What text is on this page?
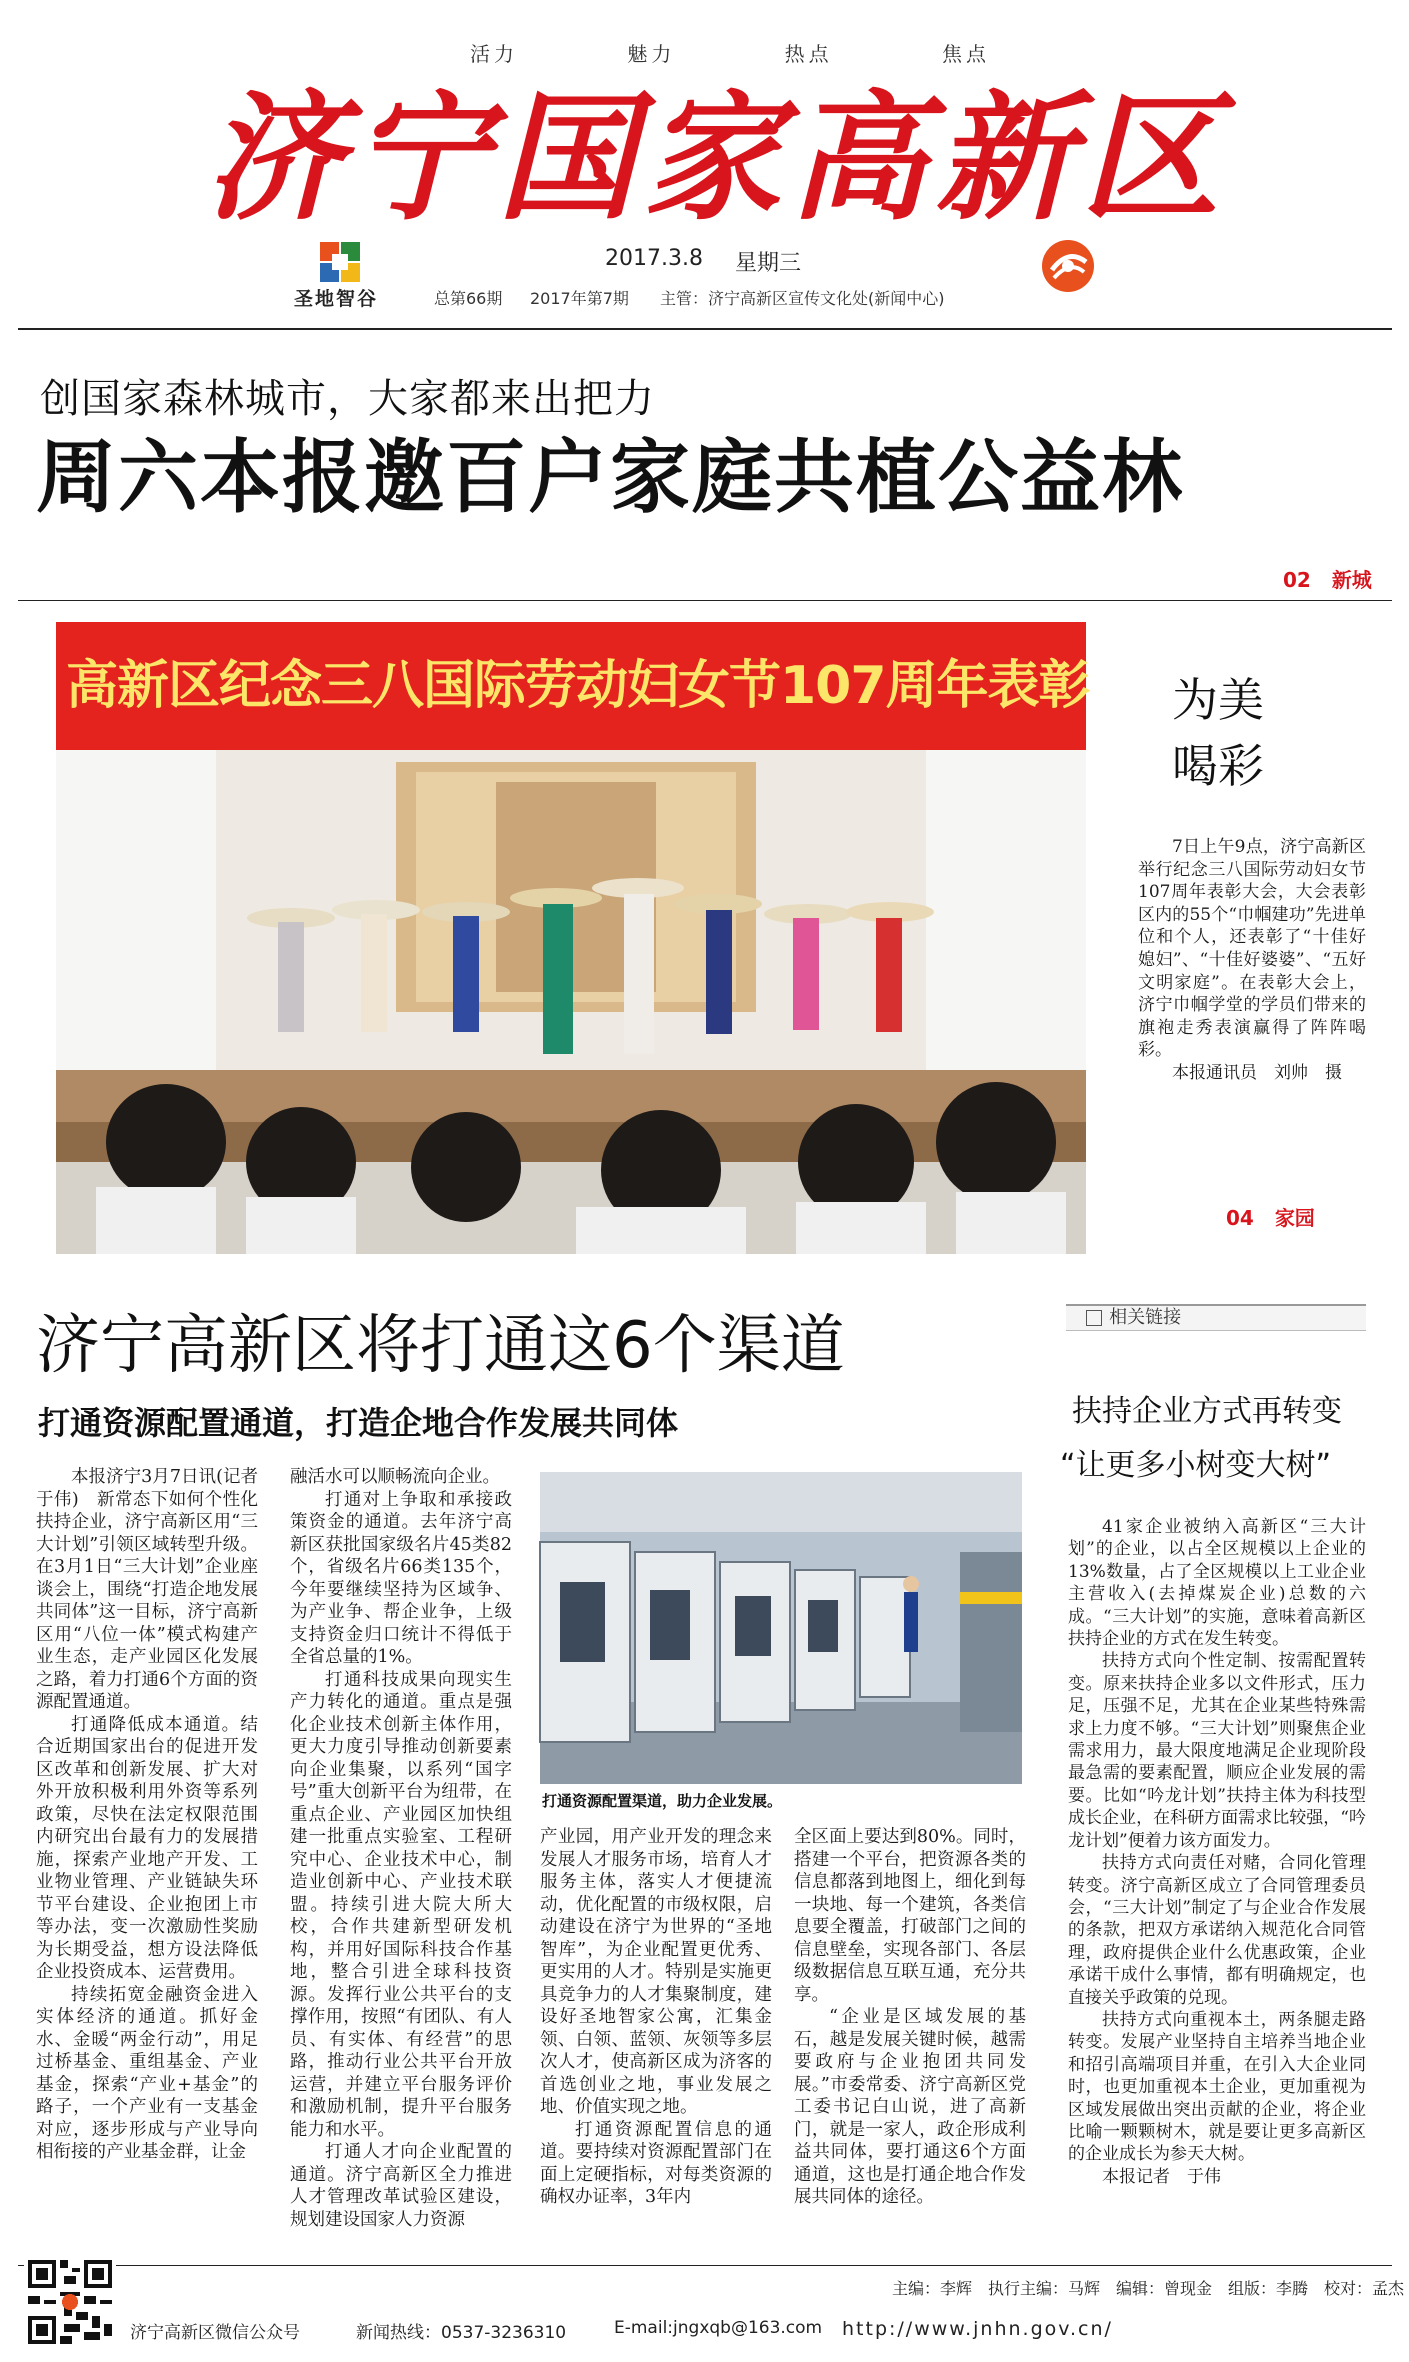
活力	魅力	热点	焦点
济宁国家高新区
圣地智谷
2017.3.8 星期三
总第66期 2017年第7期 主管：济宁高新区宣传文化处(新闻中心)
创国家森林城市，大家都来出把力
周六本报邀百户家庭共植公益林
02 新城
高新区纪念三八国际劳动妇女节107周年表彰 为美
喝彩

7日上午9点，济宁高新区举行纪念三八国际劳动妇女节107周年表彰大会，大会表彰区内的55个“巾帼建功”先进单位和个人，还表彰了“十佳好媳妇”、“十佳好婆婆”、“五好文明家庭”。在表彰大会上，济宁巾帼学堂的学员们带来的旗袍走秀表演赢得了阵阵喝彩。

本报通讯员　刘帅　摄

04 家园
济宁高新区将打通这6个渠道
打通资源配置通道，打造企地合作发展共同体

本报济宁3月7日讯(记者　于伟)　新常态下如何个性化扶持企业，济宁高新区用“三大计划”引领区域转型升级。在3月1日“三大计划”企业座谈会上，围绕“打造企地发展共同体”这一目标，济宁高新区用“八位一体”模式构建产业生态，走产业园区化发展之路，着力打通6个方面的资源配置通道。

打通降低成本通道。结合近期国家出台的促进开发区改革和创新发展、扩大对外开放积极利用外资等系列政策，尽快在法定权限范围内研究出台最有力的发展措施，探索产业地产开发、工业物业管理、产业链缺失环节平台建设、企业抱团上市等办法，变一次激励性奖励为长期受益，想方设法降低企业投资成本、运营费用。

持续拓宽金融资金进入实体经济的通道。抓好金水、金暖“两金行动”，用足过桥基金、重组基金、产业基金，探索“产业+基金”的路子，一个产业有一支基金对应，逐步形成与产业导向相衔接的产业基金群，让金

融活水可以顺畅流向企业。

打通对上争取和承接政策资金的通道。去年济宁高新区获批国家级名片45类82个，省级名片66类135个，今年要继续坚持为区域争、为产业争、帮企业争，上级支持资金归口统计不得低于全省总量的1%。

打通科技成果向现实生产力转化的通道。重点是强化企业技术创新主体作用，更大力度引导推动创新要素向企业集聚，以系列“国字号”重大创新平台为纽带，在重点企业、产业园区加快组建一批重点实验室、工程研究中心、企业技术中心，制造业创新中心、产业技术联盟。持续引进大院大所大校，合作共建新型研发机构，并用好国际科技合作基地，整合引进全球科技资源。发挥行业公共平台的支撑作用，按照“有团队、有人员、有实体、有经营”的思路，推动行业公共平台开放运营，并建立平台服务评价和激励机制，提升平台服务能力和水平。

打通人才向企业配置的通道。济宁高新区全力推进人才管理改革试验区建设，规划建设国家人力资源

打通资源配置渠道，助力企业发展。

产业园，用产业开发的理念来发展人才服务市场，培育人才服务主体，落实人才便捷流动，优化配置的市级权限，启动建设在济宁为世界的“圣地智库”，为企业配置更优秀、更实用的人才。特别是实施更具竞争力的人才集聚制度，建设好圣地智家公寓，汇集金领、白领、蓝领、灰领等多层次人才，使高新区成为济客的首选创业之地，事业发展之地、价值实现之地。

打通资源配置信息的通道。要持续对资源配置部门在面上定硬指标，对每类资源的确权办证率，3年内

全区面上要达到80%。同时，搭建一个平台，把资源各类的信息都落到地图上，细化到每一块地、每一个建筑，各类信息要全覆盖，打破部门之间的信息壁垒，实现各部门、各层级数据信息互联互通，充分共享。

“企业是区域发展的基石，越是发展关键时候，越需要政府与企业抱团共同发展。”市委常委、济宁高新区党工委书记白山说，进了高新门，就是一家人，政企形成利益共同体，要打通这6个方面通道，这也是打通企地合作发展共同体的途径。

相关链接
扶持企业方式再转变
“让更多小树变大树”

41家企业被纳入高新区“三大计划”的企业，以占全区规模以上企业的13%数量，占了全区规模以上工业企业主营收入(去掉煤炭企业)总数的六成。“三大计划”的实施，意味着高新区扶持企业的方式在发生转变。

扶持方式向个性定制、按需配置转变。原来扶持企业多以文件形式，压力足，压强不足，尤其在企业某些特殊需求上力度不够。“三大计划”则聚焦企业需求用力，最大限度地满足企业现阶段最急需的要素配置，顺应企业发展的需要。比如“吟龙计划”扶持主体为科技型成长企业，在科研方面需求比较强，“吟龙计划”便着力该方面发力。

扶持方式向责任对赌，合同化管理转变。济宁高新区成立了合同管理委员会，“三大计划”制定了与企业合作发展的条款，把双方承诺纳入规范化合同管理，政府提供企业什么优惠政策，企业承诺干成什么事情，都有明确规定，也直接关乎政策的兑现。

扶持方式向重视本土，两条腿走路转变。发展产业坚持自主培养当地企业和招引高端项目并重，在引入大企业同时，也更加重视本土企业，更加重视为区域发展做出突出贡献的企业，将企业比喻一颗颗树木，就是要让更多高新区的企业成长为参天大树。

本报记者　于伟

主编：李辉　执行主编：马辉　编辑：曾现金　组版：李腾　校对：孟杰
济宁高新区微信公众号	新闻热线：0537-3236310	E-mail:jngxqb@163.com http://www.jnhn.gov.cn/
